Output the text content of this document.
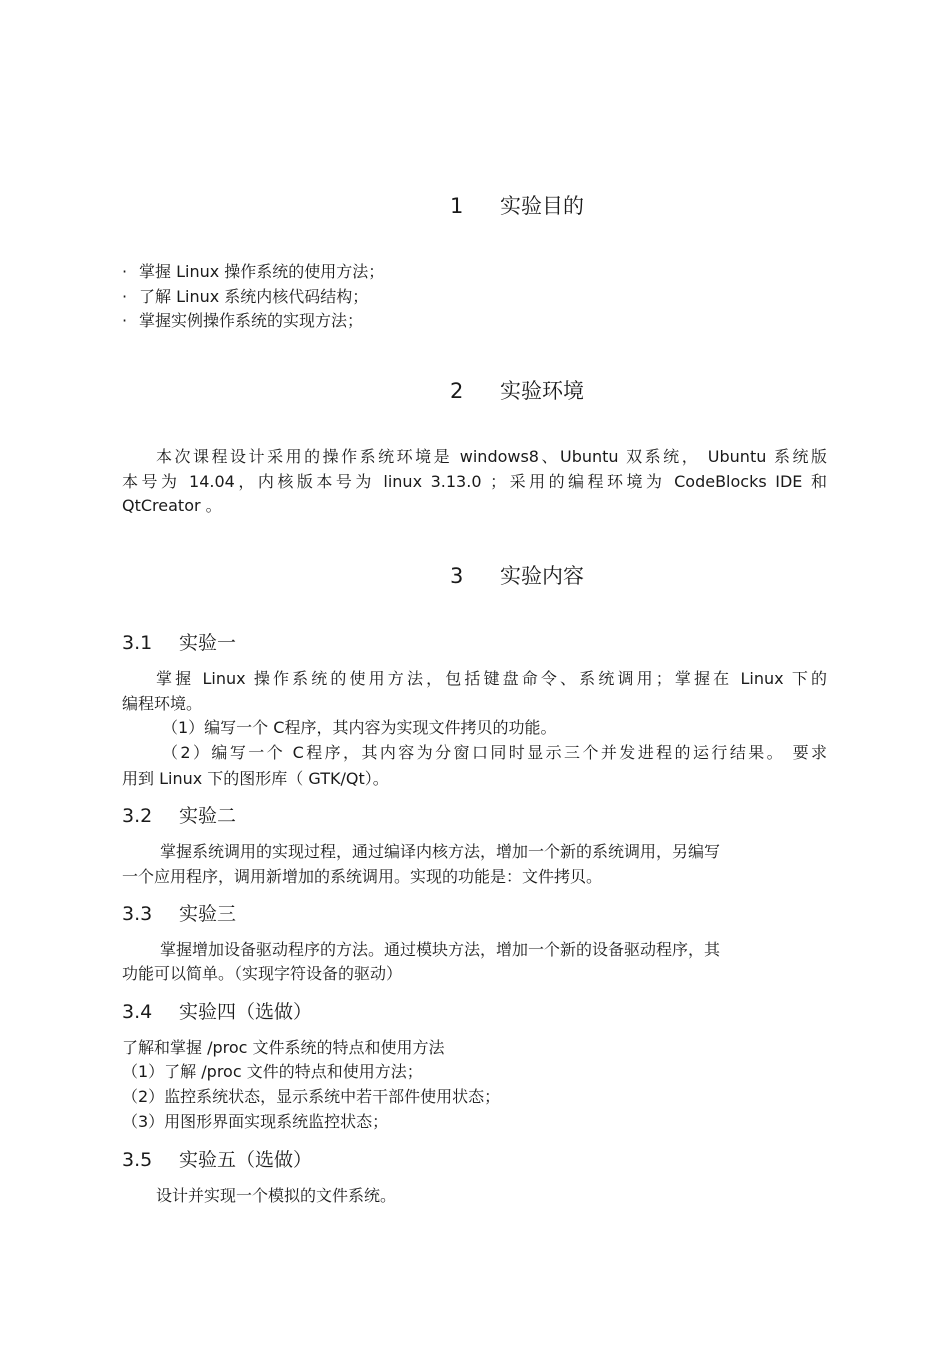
1 实验目的
· 掌握 Linux 操作系统的使用方法；
· 了解 Linux 系统内核代码结构；
· 掌握实例操作系统的实现方法；
2 实验环境
本次课程设计采用的操作系统环境是 windows8、Ubuntu 双系统， Ubuntu 系统版
本号为 14.04，内核版本号为 linux 3.13.0 ；采用的编程环境为 CodeBlocks IDE 和
QtCreator 。
3 实验内容
3.1 实验一
掌握 Linux 操作系统的使用方法，包括键盘命令、系统调用；掌握在 Linux 下的
编程环境。
（1）编写一个 C程序，其内容为实现文件拷贝的功能。
（2）编写一个 C程序，其内容为分窗口同时显示三个并发进程的运行结果。 要求
用到 Linux 下的图形库（ GTK/Qt）。
3.2 实验二
掌握系统调用的实现过程，通过编译内核方法，增加一个新的系统调用，另编写
一个应用程序，调用新增加的系统调用。实现的功能是：文件拷贝。
3.3 实验三
掌握增加设备驱动程序的方法。通过模块方法，增加一个新的设备驱动程序，其
功能可以简单。（实现字符设备的驱动）
3.4 实验四（选做）
了解和掌握 /proc 文件系统的特点和使用方法
（1）了解 /proc 文件的特点和使用方法；
（2）监控系统状态，显示系统中若干部件使用状态；
（3）用图形界面实现系统监控状态；
3.5 实验五（选做）
设计并实现一个模拟的文件系统。
